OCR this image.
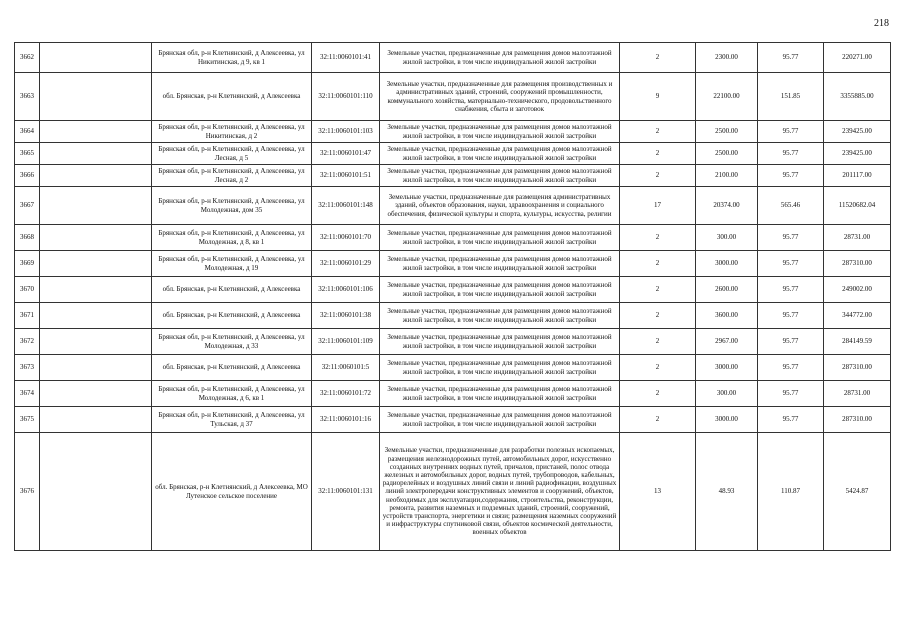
218
3662		Брянская обл, р-н Клетнянский, д Алексеевка, ул Никитинская, д 9, кв 1	32:11:0060101:41	Земельные участки, предназначенные для размещения домов малоэтажной жилой застройки, в том числе индивидуальной жилой застройки	2	2300.00	95.77	220271.00
3663		обл. Брянская, р-н Клетнянский, д Алексеевка	32:11:0060101:110	Земельные участки, предназначенные для размещения производственных и административных зданий, строений, сооружений промышленности, коммунального хозяйства, материально-технического, продовольственного снабжения, сбыта и заготовок	9	22100.00	151.85	3355885.00
3664		Брянская обл, р-н Клетнянский, д Алексеевка, ул Никитинская, д 2	32:11:0060101:103	Земельные участки, предназначенные для размещения домов малоэтажной жилой застройки, в том числе индивидуальной жилой застройки	2	2500.00	95.77	239425.00
3665		Брянская обл, р-н Клетнянский, д Алексеевка, ул Лесная, д 5	32:11:0060101:47	Земельные участки, предназначенные для размещения домов малоэтажной жилой застройки, в том числе индивидуальной жилой застройки	2	2500.00	95.77	239425.00
3666		Брянская обл, р-н Клетнянский, д Алексеевка, ул Лесная, д 2	32:11:0060101:51	Земельные участки, предназначенные для размещения домов малоэтажной жилой застройки, в том числе индивидуальной жилой застройки	2	2100.00	95.77	201117.00
3667		Брянская обл, р-н Клетнянский, д Алексеевка, ул Молодежная, дом 35	32:11:0060101:148	Земельные участки, предназначенные для размещения административных зданий, объектов образования, науки, здравоохранения и социального обеспечения, физической культуры и спорта, культуры, искусства, религии	17	20374.00	565.46	11520682.04
3668		Брянская обл, р-н Клетнянский, д Алексеевка, ул Молодежная, д 8, кв 1	32:11:0060101:70	Земельные участки, предназначенные для размещения домов малоэтажной жилой застройки, в том числе индивидуальной жилой застройки	2	300.00	95.77	28731.00
3669		Брянская обл, р-н Клетнянский, д Алексеевка, ул Молодежная, д 19	32:11:0060101:29	Земельные участки, предназначенные для размещения домов малоэтажной жилой застройки, в том числе индивидуальной жилой застройки	2	3000.00	95.77	287310.00
3670		обл. Брянская, р-н Клетнянский, д Алексеевка	32:11:0060101:106	Земельные участки, предназначенные для размещения домов малоэтажной жилой застройки, в том числе индивидуальной жилой застройки	2	2600.00	95.77	249002.00
3671		обл. Брянская, р-н Клетнянский, д Алексеевка	32:11:0060101:38	Земельные участки, предназначенные для размещения домов малоэтажной жилой застройки, в том числе индивидуальной жилой застройки	2	3600.00	95.77	344772.00
3672		Брянская обл, р-н Клетнянский, д Алексеевка, ул Молодежная, д 33	32:11:0060101:109	Земельные участки, предназначенные для размещения домов малоэтажной жилой застройки, в том числе индивидуальной жилой застройки	2	2967.00	95.77	284149.59
3673		обл. Брянская, р-н Клетнянский, д Алексеевка	32:11:0060101:5	Земельные участки, предназначенные для размещения домов малоэтажной жилой застройки, в том числе индивидуальной жилой застройки	2	3000.00	95.77	287310.00
3674		Брянская обл, р-н Клетнянский, д Алексеевка, ул Молодежная, д 6, кв 1	32:11:0060101:72	Земельные участки, предназначенные для размещения домов малоэтажной жилой застройки, в том числе индивидуальной жилой застройки	2	300.00	95.77	28731.00
3675		Брянская обл, р-н Клетнянский, д Алексеевка, ул Тульская, д 37	32:11:0060101:16	Земельные участки, предназначенные для размещения домов малоэтажной жилой застройки, в том числе индивидуальной жилой застройки	2	3000.00	95.77	287310.00
3676		обл. Брянская, р-н Клетнянский, д Алексеевка, МО Лутенское сельское поселение	32:11:0060101:131	Земельные участки, предназначенные для разработки полезных ископаемых, размещения железнодорожных путей, автомобильных дорог, искусственно созданных внутренних водных путей, причалов, пристаней, полос отвода железных и автомобильных дорог, водных путей, трубопроводов, кабельных, радиорелейных и воздушных линий связи и линий радиофикации, воздушных линий электропередачи конструктивных элементов и сооружений, объектов, необходимых для эксплуатации,содержания, строительства, реконструкции, ремонта, развития наземных и подземных зданий, строений, сооружений, устройств транспорта, энергетики и связи; размещения наземных сооружений и инфраструктуры спутниковой связи, объектов космической деятельности, военных объектов	13	48.93	110.87	5424.87
